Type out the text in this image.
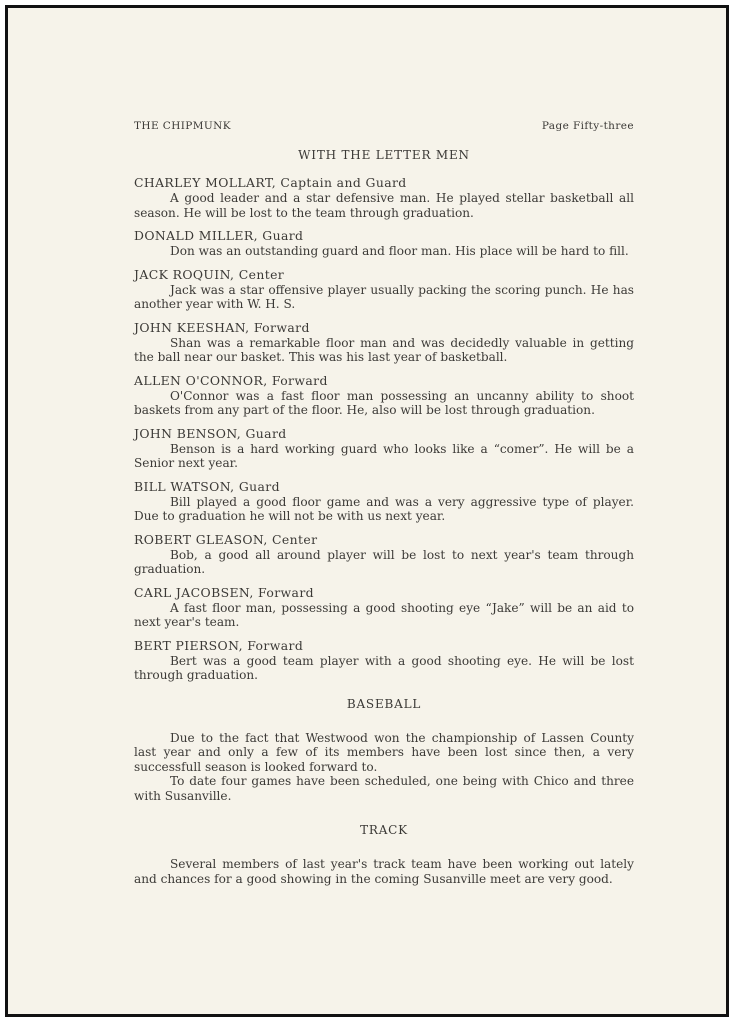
THE CHIPMUNK	Page Fifty-three
WITH THE LETTER MEN
CHARLEY MOLLART, Captain and Guard
A good leader and a star defensive man. He played stellar basketball all season. He will be lost to the team through graduation.
DONALD MILLER, Guard
Don was an outstanding guard and floor man. His place will be hard to fill.
JACK ROQUIN, Center
Jack was a star offensive player usually packing the scoring punch. He has another year with W. H. S.
JOHN KEESHAN, Forward
Shan was a remarkable floor man and was decidedly valuable in getting the ball near our basket. This was his last year of basketball.
ALLEN O'CONNOR, Forward
O'Connor was a fast floor man possessing an uncanny ability to shoot baskets from any part of the floor. He, also will be lost through graduation.
JOHN BENSON, Guard
Benson is a hard working guard who looks like a “comer”. He will be a Senior next year.
BILL WATSON, Guard
Bill played a good floor game and was a very aggressive type of player. Due to graduation he will not be with us next year.
ROBERT GLEASON, Center
Bob, a good all around player will be lost to next year's team through graduation.
CARL JACOBSEN, Forward
A fast floor man, possessing a good shooting eye “Jake” will be an aid to next year's team.
BERT PIERSON, Forward
Bert was a good team player with a good shooting eye. He will be lost through graduation.
BASEBALL

Due to the fact that Westwood won the championship of Lassen County last year and only a few of its members have been lost since then, a very successfull season is looked forward to.

To date four games have been scheduled, one being with Chico and three with Susanville.

TRACK

Several members of last year's track team have been working out lately and chances for a good showing in the coming Susanville meet are very good.
